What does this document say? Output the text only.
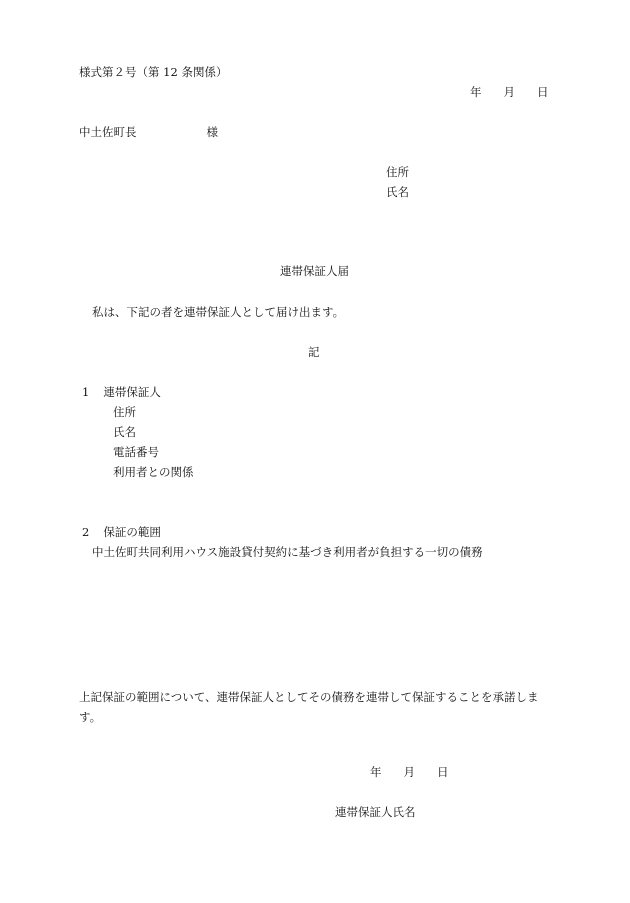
様式第２号（第 12 条関係）
年 月 日
中土佐町長	様
住所
氏名
連帯保証人届
私は、下記の者を連帯保証人として届け出ます。
記
1 連帯保証人
住所
氏名
電話番号
利用者との関係
2 保証の範囲
中土佐町共同利用ハウス施設貸付契約に基づき利用者が負担する一切の債務
上記保証の範囲について、連帯保証人としてその債務を連帯して保証することを承諾します。
年 月 日
連帯保証人氏名
